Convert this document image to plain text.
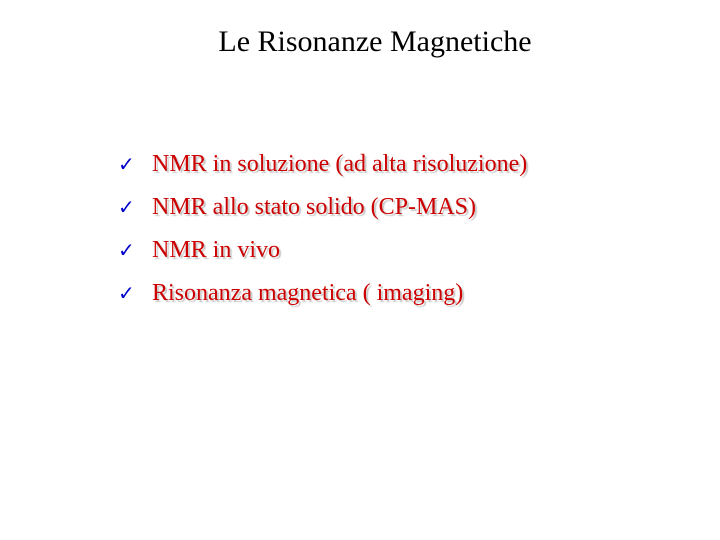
Le Risonanze Magnetiche
✓ NMR in soluzione (ad alta risoluzione)
✓ NMR allo stato solido (CP-MAS)
✓ NMR in vivo
✓ Risonanza magnetica ( imaging)
